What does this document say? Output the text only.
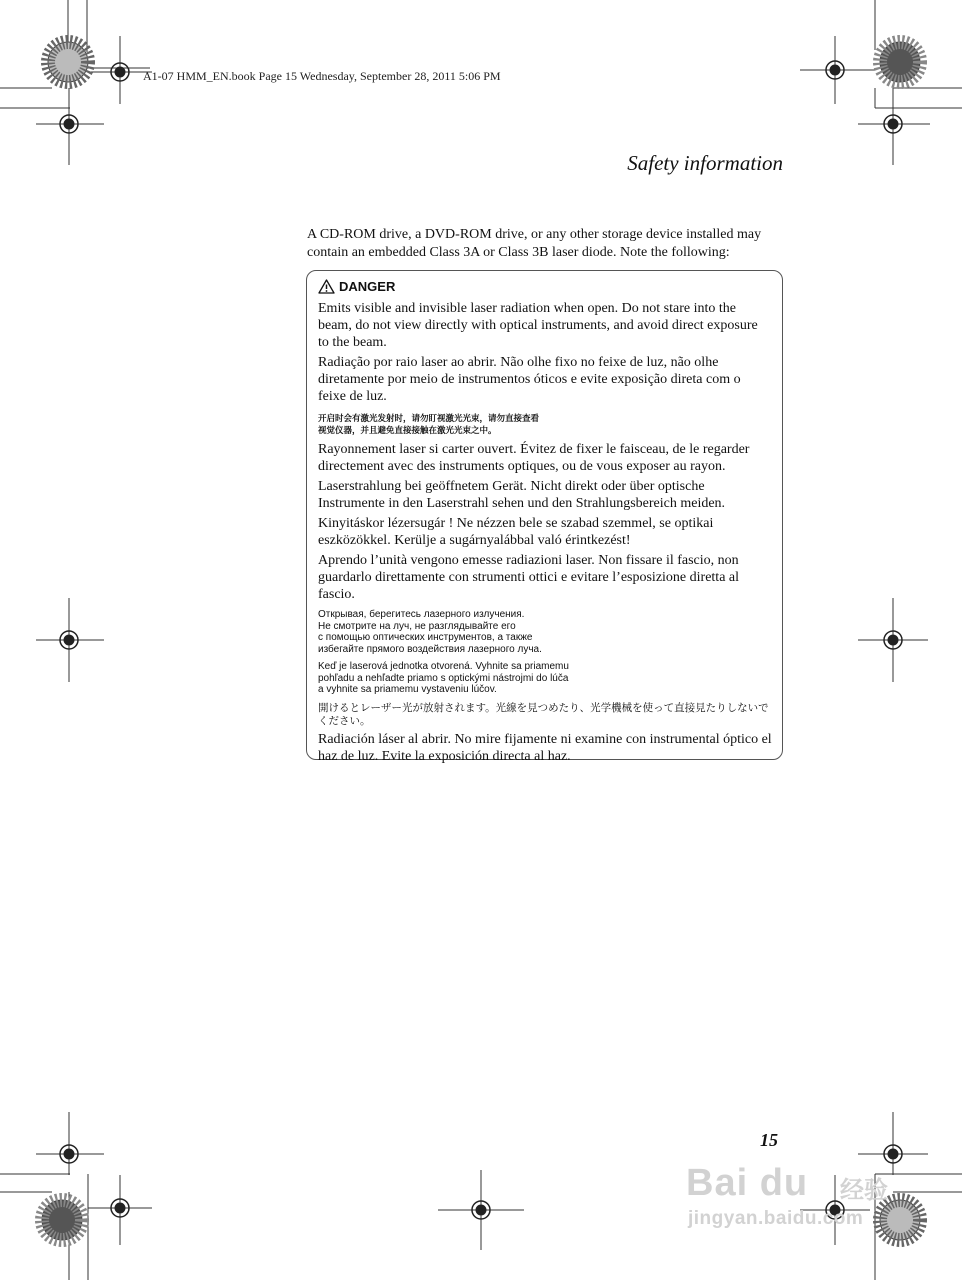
A1-07 HMM_EN.book Page 15 Wednesday, September 28, 2011 5:06 PM
Safety information

A CD-ROM drive, a DVD-ROM drive, or any other storage device installed may contain an embedded Class 3A or Class 3B laser diode. Note the following:

DANGER

Emits visible and invisible laser radiation when open. Do not stare into the beam, do not view directly with optical instruments, and avoid direct exposure to the beam.

Radiação por raio laser ao abrir. Não olhe fixo no feixe de luz, não olhe diretamente por meio de instrumentos óticos e evite exposição direta com o feixe de luz.

开启时会有激光发射时，请勿盯视激光光束，请勿直接查看
视觉仪器，并且避免直接接触在激光光束之中。

Rayonnement laser si carter ouvert. Évitez de fixer le faisceau, de le regarder directement avec des instruments optiques, ou de vous exposer au rayon.

Laserstrahlung bei geöffnetem Gerät. Nicht direkt oder über optische Instrumente in den Laserstrahl sehen und den Strahlungsbereich meiden.

Kinyitáskor lézersugár ! Ne nézzen bele se szabad szemmel, se optikai eszközökkel. Kerülje a sugárnyalábbal való érintkezést!

Aprendo l’unità vengono emesse radiazioni laser. Non fissare il fascio, non guardarlo direttamente con strumenti ottici e evitare l’esposizione diretta al fascio.

Открывая, берегитесь лазерного излучения.
Не смотрите на луч, не разглядывайте его
с помощью оптических инструментов, а также
избегайте прямого воздействия лазерного луча.

Keď je laserová jednotka otvorená. Vyhnite sa priamemu
pohľadu a nehľadte priamo s optickými nástrojmi do lúča
a vyhnite sa priamemu vystaveniu lúčov.

開けるとレーザー光が放射されます。光線を見つめたり、光学機械を使って直接見たりしないでください。

Radiación láser al abrir. No mire fijamente ni examine con instrumental óptico el haz de luz. Evite la exposición directa al haz.

15
Bai du 经验
jingyan.baidu.com
